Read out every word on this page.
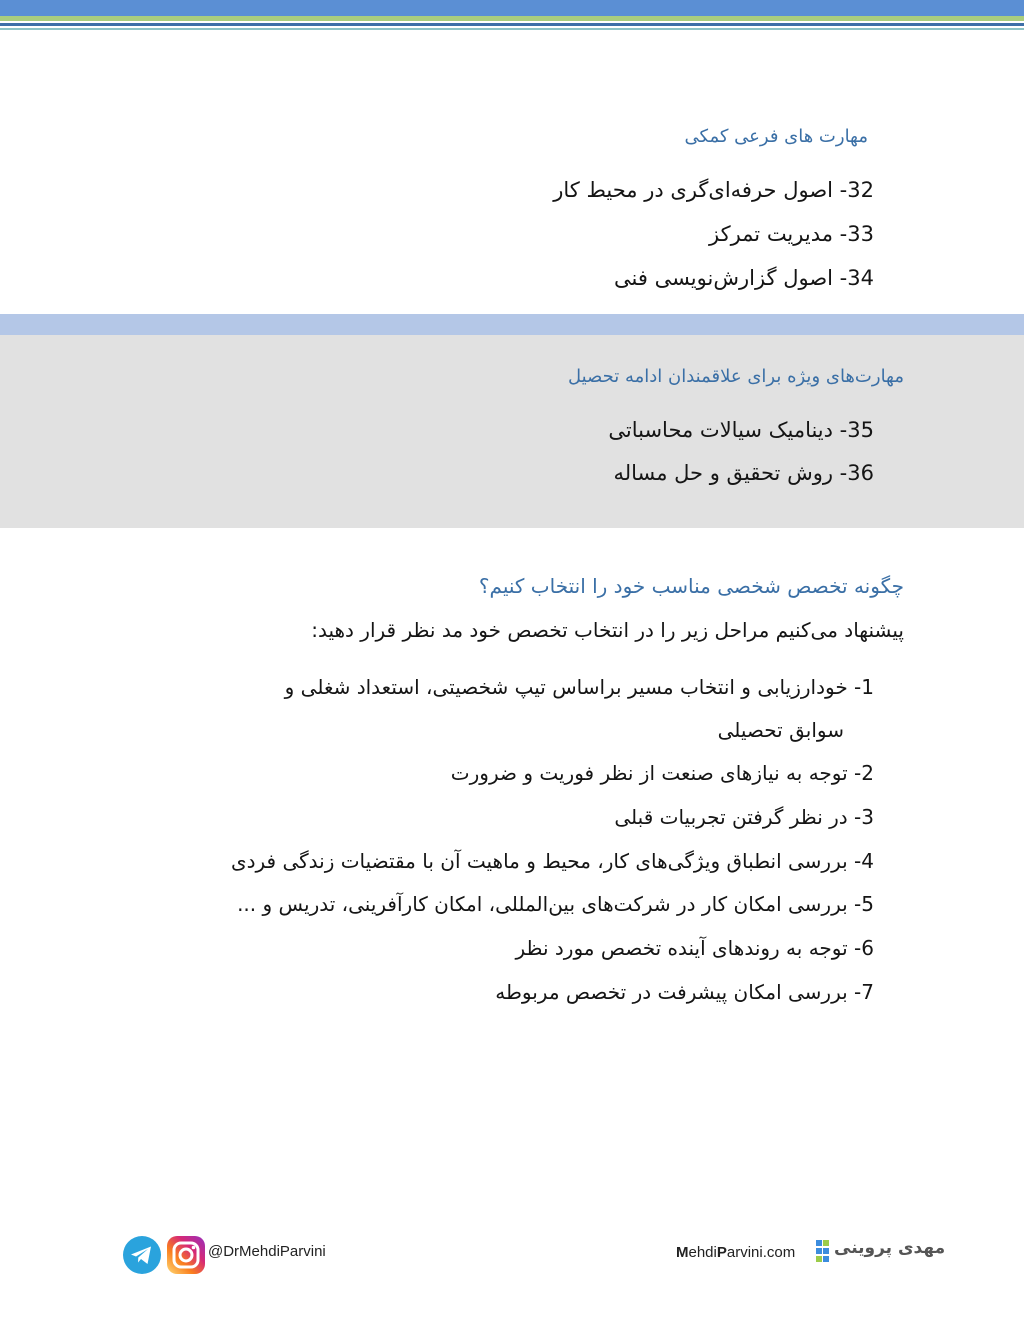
مهارت های فرعی کمکی
32- اصول حرفه‌ای‌گری در محیط کار
33- مدیریت تمرکز
34- اصول گزارش‌نویسی فنی
مهارت‌های ویژه برای علاقمندان ادامه تحصیل
35- دینامیک سیالات محاسباتی
36- روش تحقیق و حل مساله
چگونه تخصص شخصی مناسب خود را انتخاب کنیم؟
پیشنهاد می‌کنیم مراحل زیر را در انتخاب تخصص خود مد نظر قرار دهید:
1- خودارزیابی و انتخاب مسیر براساس تیپ شخصیتی، استعداد شغلی و
سوابق تحصیلی
2- توجه به نیازهای صنعت از نظر فوریت و ضرورت
3- در نظر گرفتن تجربیات قبلی
4- بررسی انطباق ویژگی‌های کار، محیط و ماهیت آن با مقتضیات زندگی فردی
5- بررسی امکان کار در شرکت‌های بین‌المللی، امکان کارآفرینی، تدریس و ...
6- توجه به روندهای آینده تخصص مورد نظر
7- بررسی امکان پیشرفت در تخصص مربوطه
@DrMehdiParvini	MehdiParvini.com مهدی پروینی
